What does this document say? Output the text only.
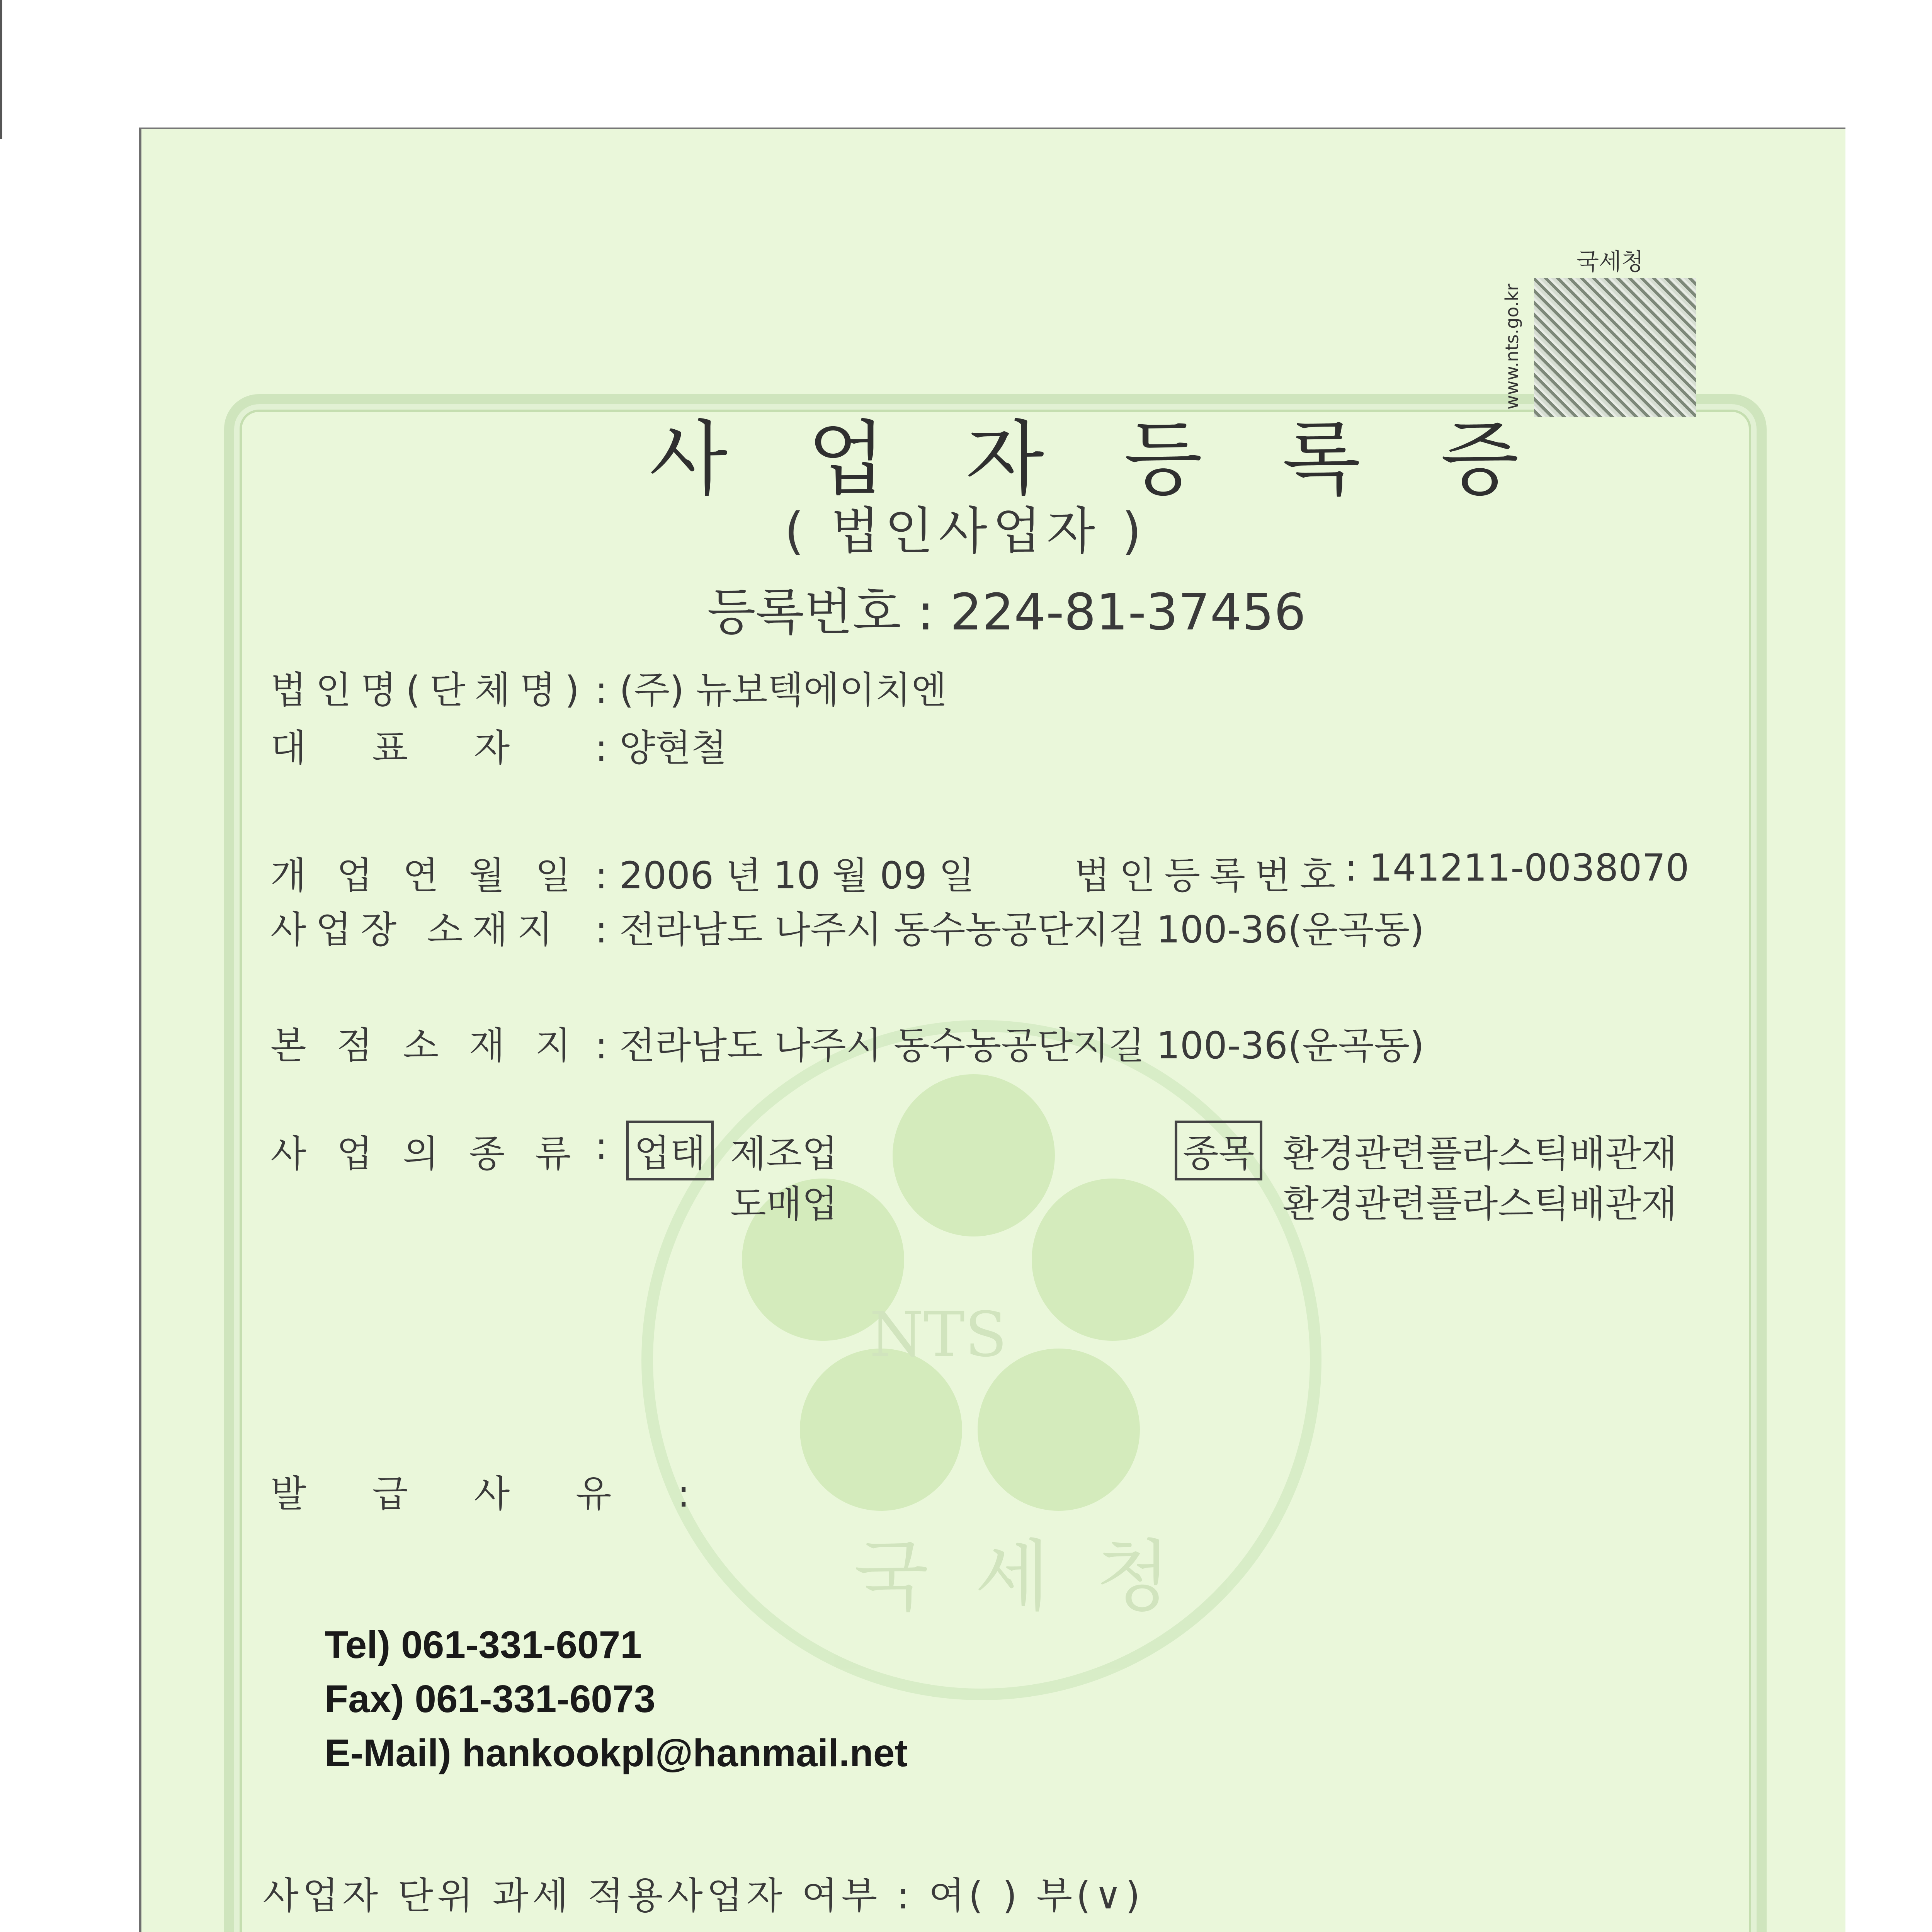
NTS
국세청
국세청
www.nts.go.kr
사 업 자 등 록 증
( 법인사업자 )
등록번호 : 224-81-37456
법인명(단체명) : (주) 뉴보텍에이치엔
대 표 자 : 양현철
개 업 연 월 일 : 2006 년 10 월 09 일	법인등록번호 : 141211-0038070
사업장 소재지 : 전라남도 나주시 동수농공단지길 100-36(운곡동)
본 점 소 재 지 : 전라남도 나주시 동수농공단지길 100-36(운곡동)
사 업 의 종 류 : 업태 제조업
도매업
종목 환경관련플라스틱배관재
환경관련플라스틱배관재
발 급 사 유 :
Tel) 061-331-6071
Fax) 061-331-6073
E-Mail) hankookpl@hanmail.net
사업자 단위 과세 적용사업자 여부 : 여( ) 부(∨)
